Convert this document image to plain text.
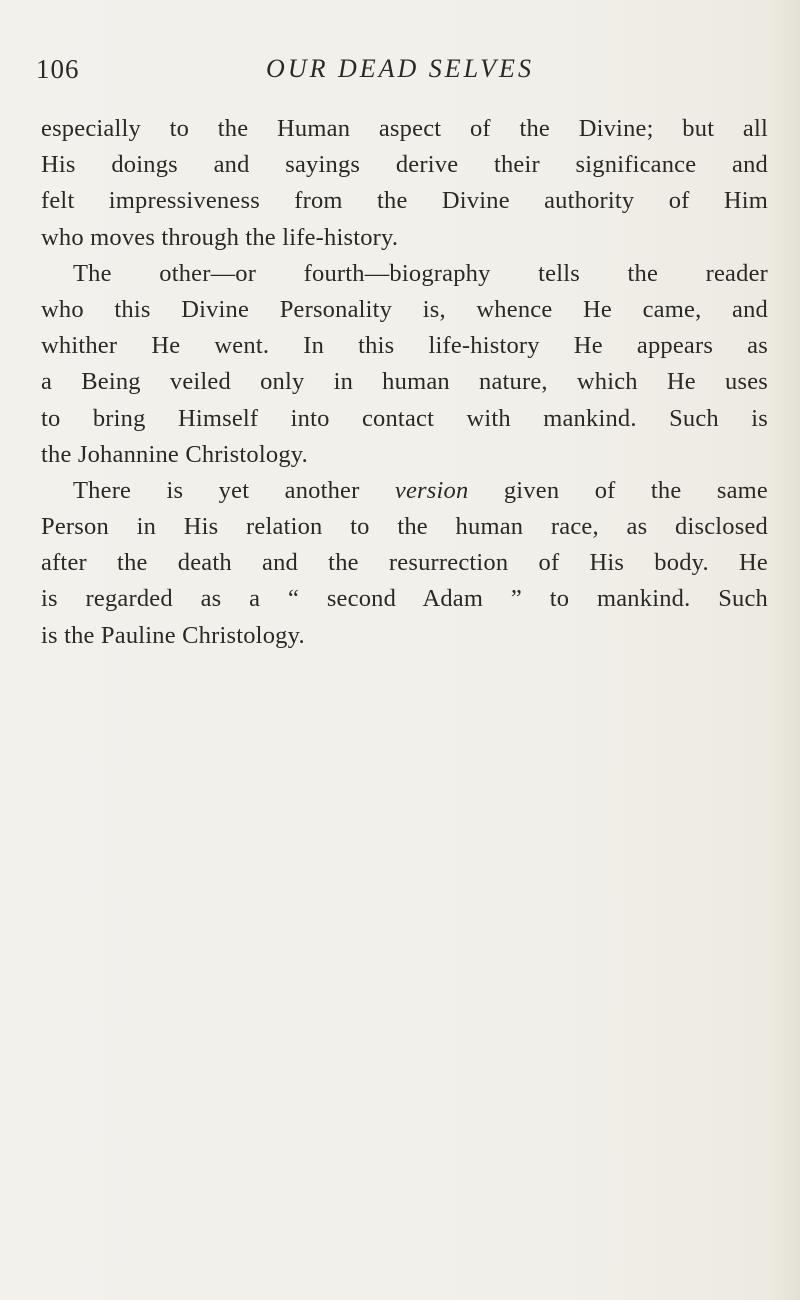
106	OUR DEAD SELVES
especially to the Human aspect of the Divine; but all
His doings and sayings derive their significance and
felt impressiveness from the Divine authority of Him
who moves through the life-history.
The other—or fourth—biography tells the reader
who this Divine Personality is, whence He came, and
whither He went. In this life-history He appears as
a Being veiled only in human nature, which He uses
to bring Himself into contact with mankind. Such is
the Johannine Christology.
There is yet another version given of the same
Person in His relation to the human race, as disclosed
after the death and the resurrection of His body. He
is regarded as a “ second Adam ” to mankind. Such
is the Pauline Christology.
